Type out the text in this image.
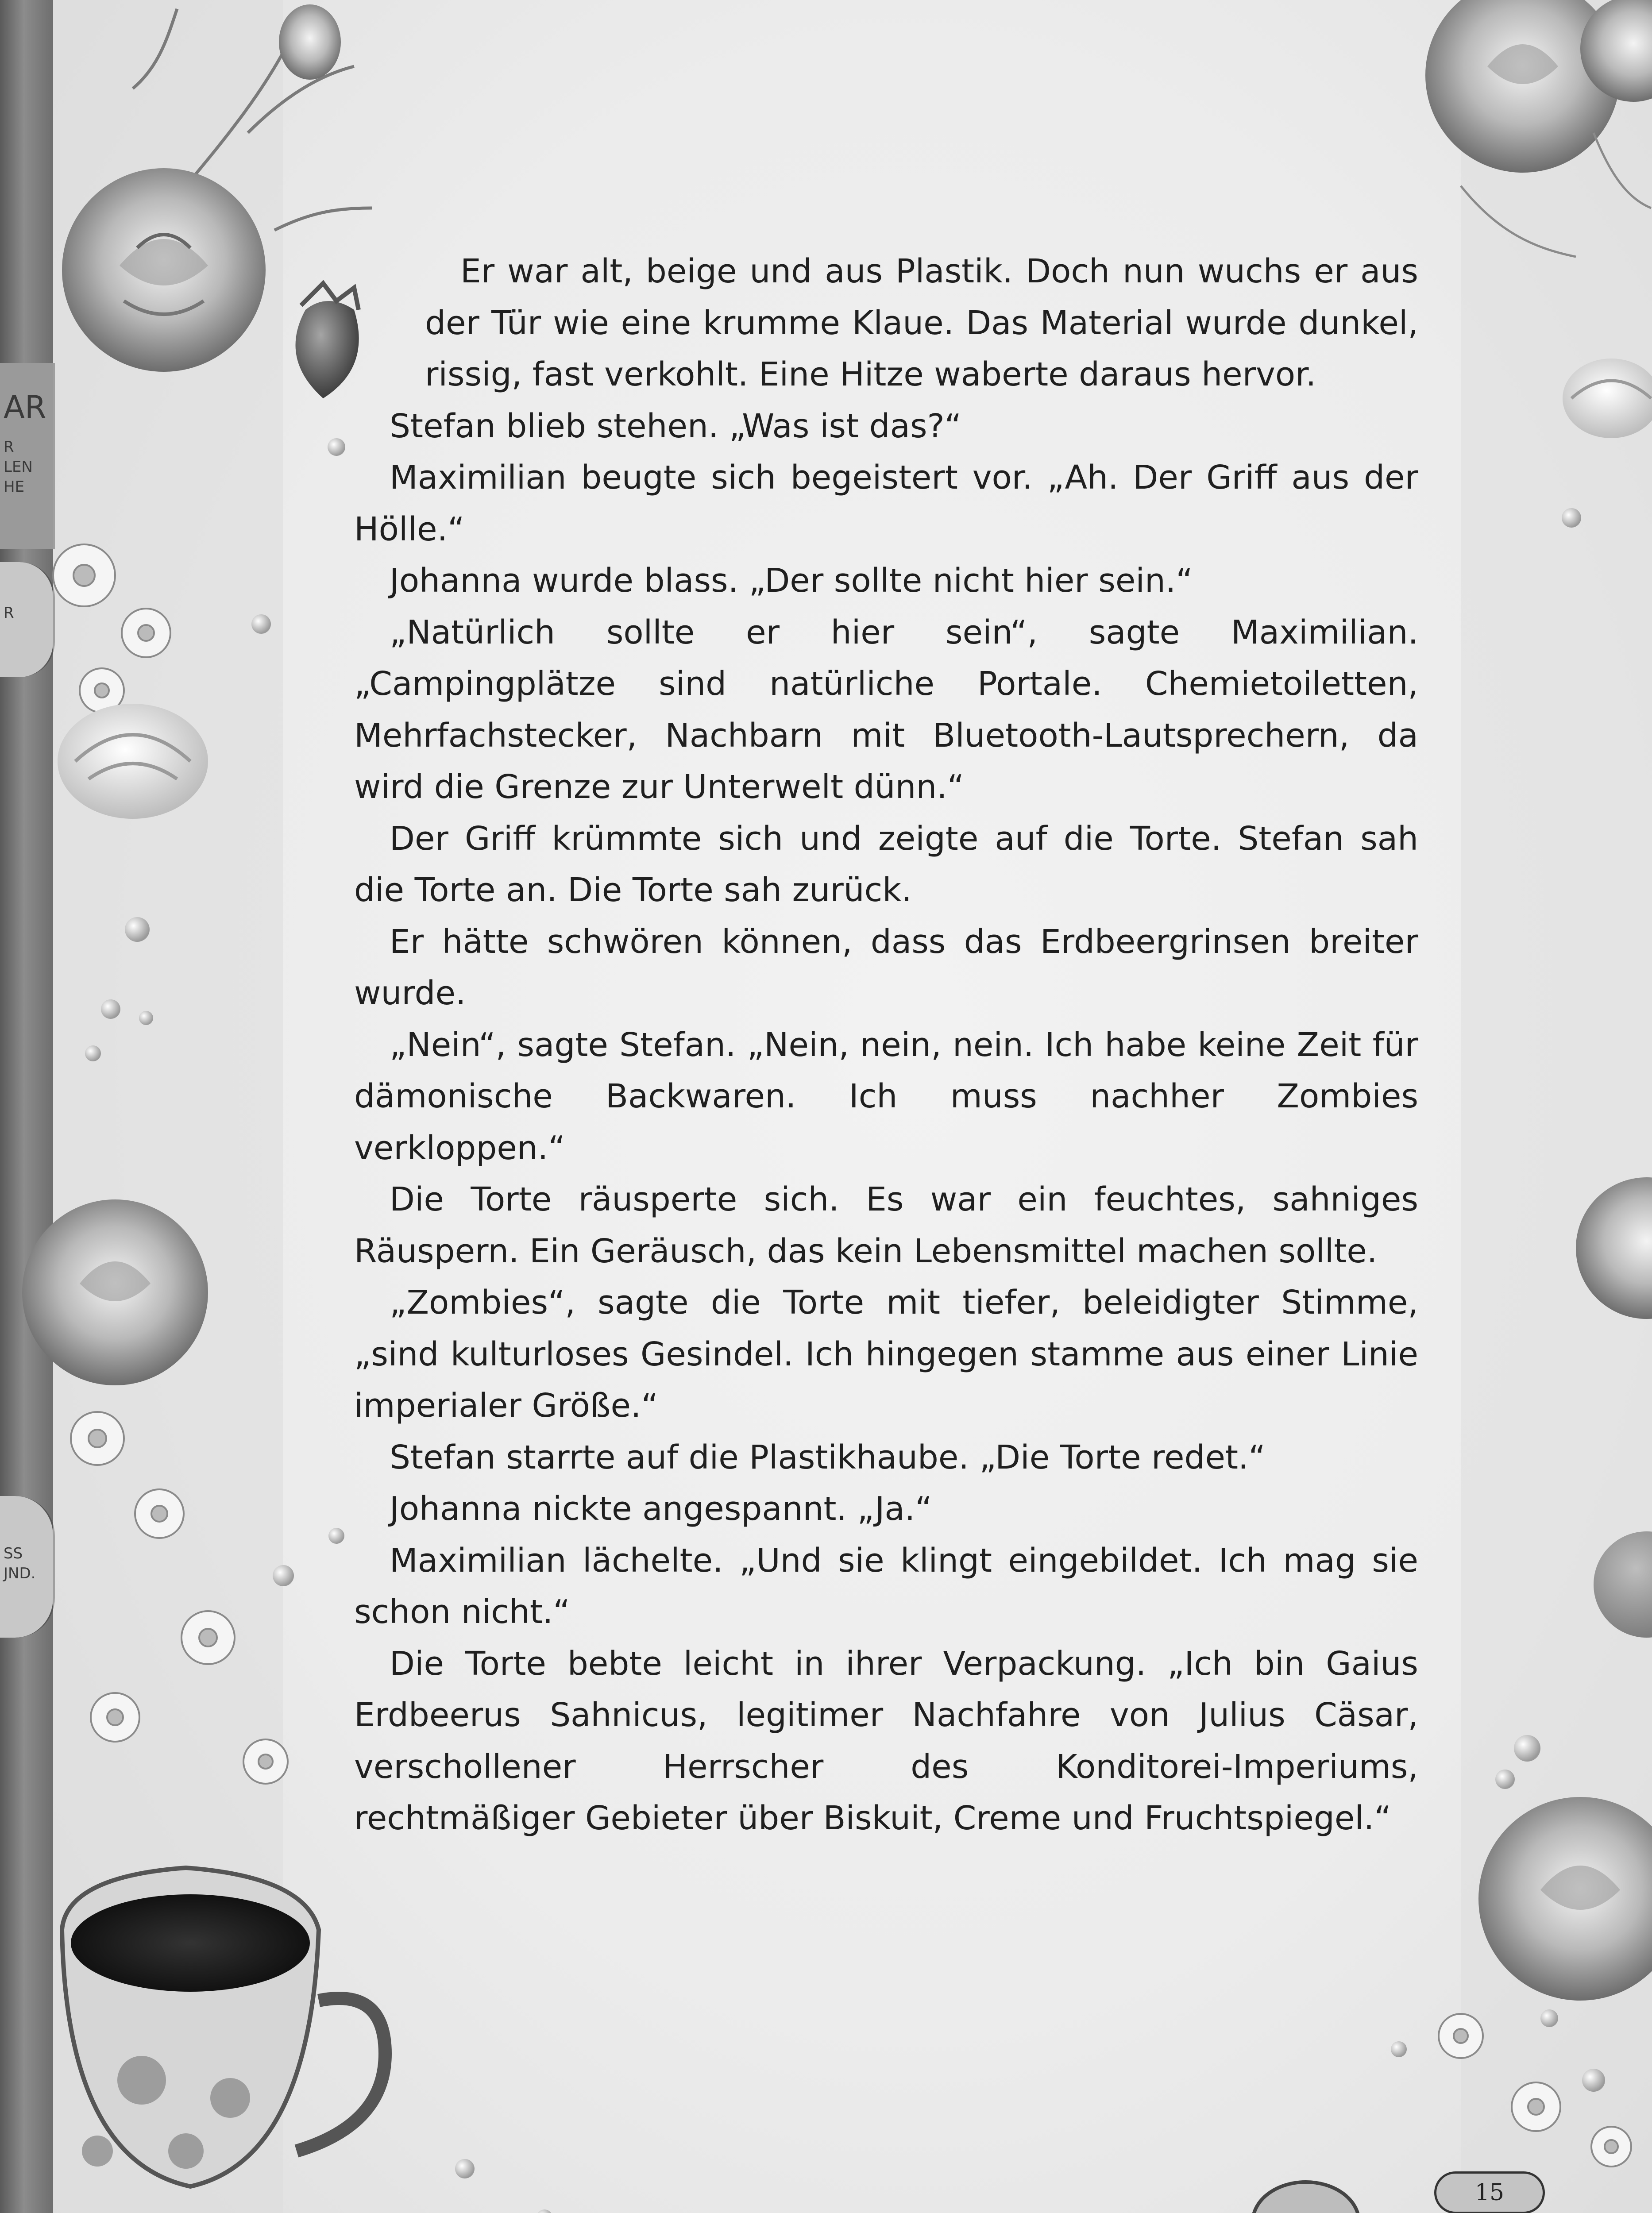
AR
R
LEN
HE
R
SS
JND.

Er war alt, beige und aus Plastik. Doch nun wuchs er aus der Tür wie eine krumme Klaue. Das Material wurde dunkel, rissig, fast verkohlt. Eine Hitze waberte daraus hervor.

Stefan blieb stehen. „Was ist das?“

Maximilian beugte sich begeistert vor. „Ah. Der Griff aus der Hölle.“

Johanna wurde blass. „Der sollte nicht hier sein.“

„Natürlich sollte er hier sein“, sagte Maximilian. „Campingplätze sind natürliche Portale. Chemietoiletten, Mehrfachstecker, Nachbarn mit Bluetooth-Lautsprechern, da wird die Grenze zur Unterwelt dünn.“

Der Griff krümmte sich und zeigte auf die Torte. Stefan sah die Torte an. Die Torte sah zurück.

Er hätte schwören können, dass das Erdbeergrinsen breiter wurde.

„Nein“, sagte Stefan. „Nein, nein, nein. Ich habe keine Zeit für dämonische Backwaren. Ich muss nachher Zombies verkloppen.“

Die Torte räusperte sich. Es war ein feuchtes, sahniges Räuspern. Ein Geräusch, das kein Lebensmittel machen sollte.

„Zombies“, sagte die Torte mit tiefer, beleidigter Stimme, „sind kulturloses Gesindel. Ich hingegen stamme aus einer Linie imperialer Größe.“

Stefan starrte auf die Plastikhaube. „Die Torte redet.“

Johanna nickte angespannt. „Ja.“

Maximilian lächelte. „Und sie klingt eingebildet. Ich mag sie schon nicht.“

Die Torte bebte leicht in ihrer Verpackung. „Ich bin Gaius Erdbeerus Sahnicus, legitimer Nachfahre von Julius Cäsar, verschollener Herrscher des Konditorei-Imperiums, rechtmäßiger Gebieter über Biskuit, Creme und Fruchtspiegel.“

15
